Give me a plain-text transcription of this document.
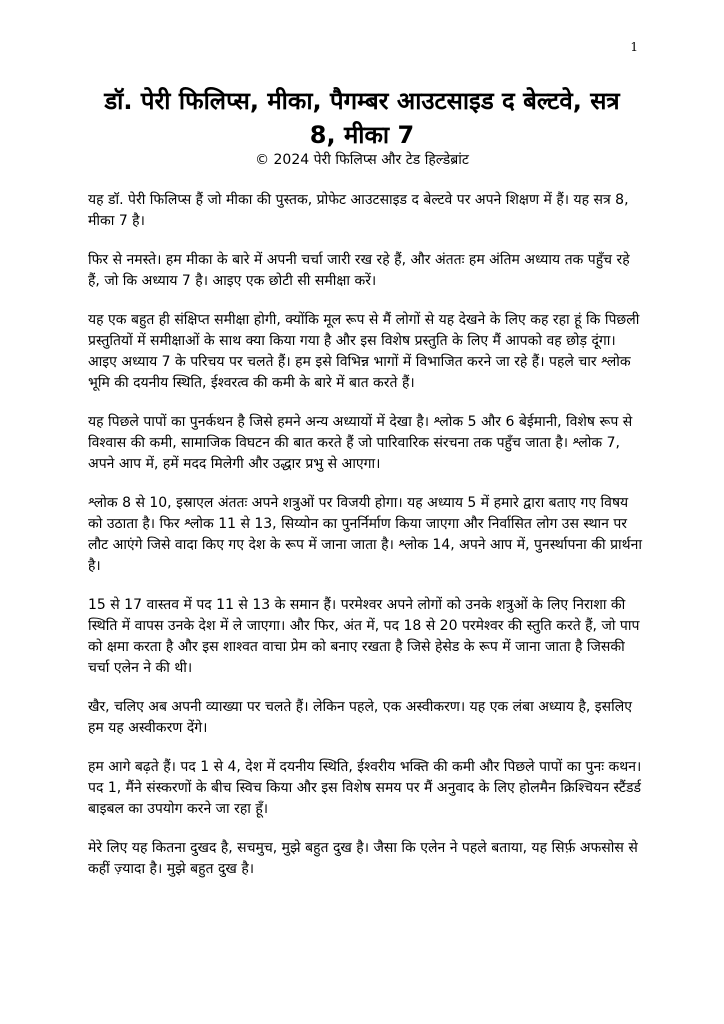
1
डॉ. पेरी फिलिप्स, मीका, पैगम्बर आउटसाइड द बेल्टवे, सत्र 8, मीका 7
© 2024 पेरी फिलिप्स और टेड हिल्डेब्रांट

यह डॉ. पेरी फिलिप्स हैं जो मीका की पुस्तक, प्रोफेट आउटसाइड द बेल्टवे पर अपने शिक्षण में हैं। यह सत्र 8, मीका 7 है।

फिर से नमस्ते। हम मीका के बारे में अपनी चर्चा जारी रख रहे हैं, और अंततः हम अंतिम अध्याय तक पहुँच रहे हैं, जो कि अध्याय 7 है। आइए एक छोटी सी समीक्षा करें।

यह एक बहुत ही संक्षिप्त समीक्षा होगी, क्योंकि मूल रूप से मैं लोगों से यह देखने के लिए कह रहा हूं कि पिछली प्रस्तुतियों में समीक्षाओं के साथ क्या किया गया है और इस विशेष प्रस्तुति के लिए मैं आपको वह छोड़ दूंगा। आइए अध्याय 7 के परिचय पर चलते हैं। हम इसे विभिन्न भागों में विभाजित करने जा रहे हैं। पहले चार श्लोक भूमि की दयनीय स्थिति, ईश्वरत्व की कमी के बारे में बात करते हैं।

यह पिछले पापों का पुनर्कथन है जिसे हमने अन्य अध्यायों में देखा है। श्लोक 5 और 6 बेईमानी, विशेष रूप से विश्वास की कमी, सामाजिक विघटन की बात करते हैं जो पारिवारिक संरचना तक पहुँच जाता है। श्लोक 7, अपने आप में, हमें मदद मिलेगी और उद्धार प्रभु से आएगा।

श्लोक 8 से 10, इस्राएल अंततः अपने शत्रुओं पर विजयी होगा। यह अध्याय 5 में हमारे द्वारा बताए गए विषय को उठाता है। फिर श्लोक 11 से 13, सिय्योन का पुनर्निर्माण किया जाएगा और निर्वासित लोग उस स्थान पर लौट आएंगे जिसे वादा किए गए देश के रूप में जाना जाता है। श्लोक 14, अपने आप में, पुनर्स्थापना की प्रार्थना है।

15 से 17 वास्तव में पद 11 से 13 के समान हैं। परमेश्वर अपने लोगों को उनके शत्रुओं के लिए निराशा की स्थिति में वापस उनके देश में ले जाएगा। और फिर, अंत में, पद 18 से 20 परमेश्वर की स्तुति करते हैं, जो पाप को क्षमा करता है और इस शाश्वत वाचा प्रेम को बनाए रखता है जिसे हेसेड के रूप में जाना जाता है जिसकी चर्चा एलेन ने की थी।

खैर, चलिए अब अपनी व्याख्या पर चलते हैं। लेकिन पहले, एक अस्वीकरण। यह एक लंबा अध्याय है, इसलिए हम यह अस्वीकरण देंगे।

हम आगे बढ़ते हैं। पद 1 से 4, देश में दयनीय स्थिति, ईश्वरीय भक्ति की कमी और पिछले पापों का पुनः कथन। पद 1, मैंने संस्करणों के बीच स्विच किया और इस विशेष समय पर मैं अनुवाद के लिए होलमैन क्रिश्चियन स्टैंडर्ड बाइबल का उपयोग करने जा रहा हूँ।

मेरे लिए यह कितना दुखद है, सचमुच, मुझे बहुत दुख है। जैसा कि एलेन ने पहले बताया, यह सिर्फ़ अफसोस से कहीं ज़्यादा है। मुझे बहुत दुख है।
